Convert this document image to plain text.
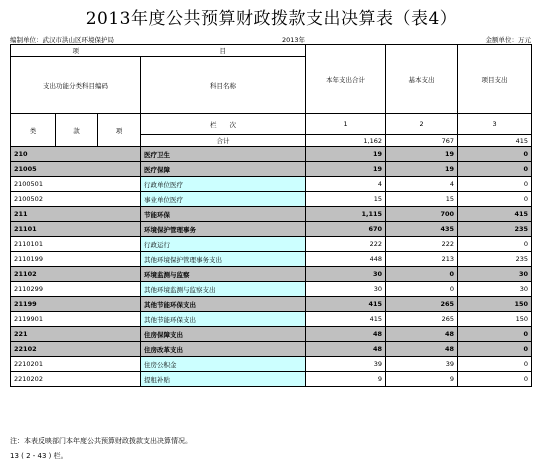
2013年度公共预算财政拨款支出决算表（表4）
编制单位：武汉市洪山区环境保护局	2013年	金额单位：万元
项			目	本年支出合计	基本支出	项目支出
支出功能分类科目编码			科目名称			
类	款	项	栏　　次	1	2	3
			合计	1,162	767	415
210			医疗卫生	19	19	0
21005			医疗保障	19	19	0
2100501			行政单位医疗	4	4	0
2100502			事业单位医疗	15	15	0
211			节能环保	1,115	700	415
21101			环境保护管理事务	670	435	235
2110101			行政运行	222	222	0
2110199			其他环境保护管理事务支出	448	213	235
21102			环境监测与监察	30	0	30
2110299			其他环境监测与监察支出	30	0	30
21199			其他节能环保支出	415	265	150
2119901			其他节能环保支出	415	265	150
221			住房保障支出	48	48	0
22102			住房改革支出	48	48	0
2210201			住房公积金	39	39	0
2210202			提租补贴	9	9	0
注：本表反映部门本年度公共预算财政拨款支出决算情况。
13 ( 2 - 43 ) 栏。
